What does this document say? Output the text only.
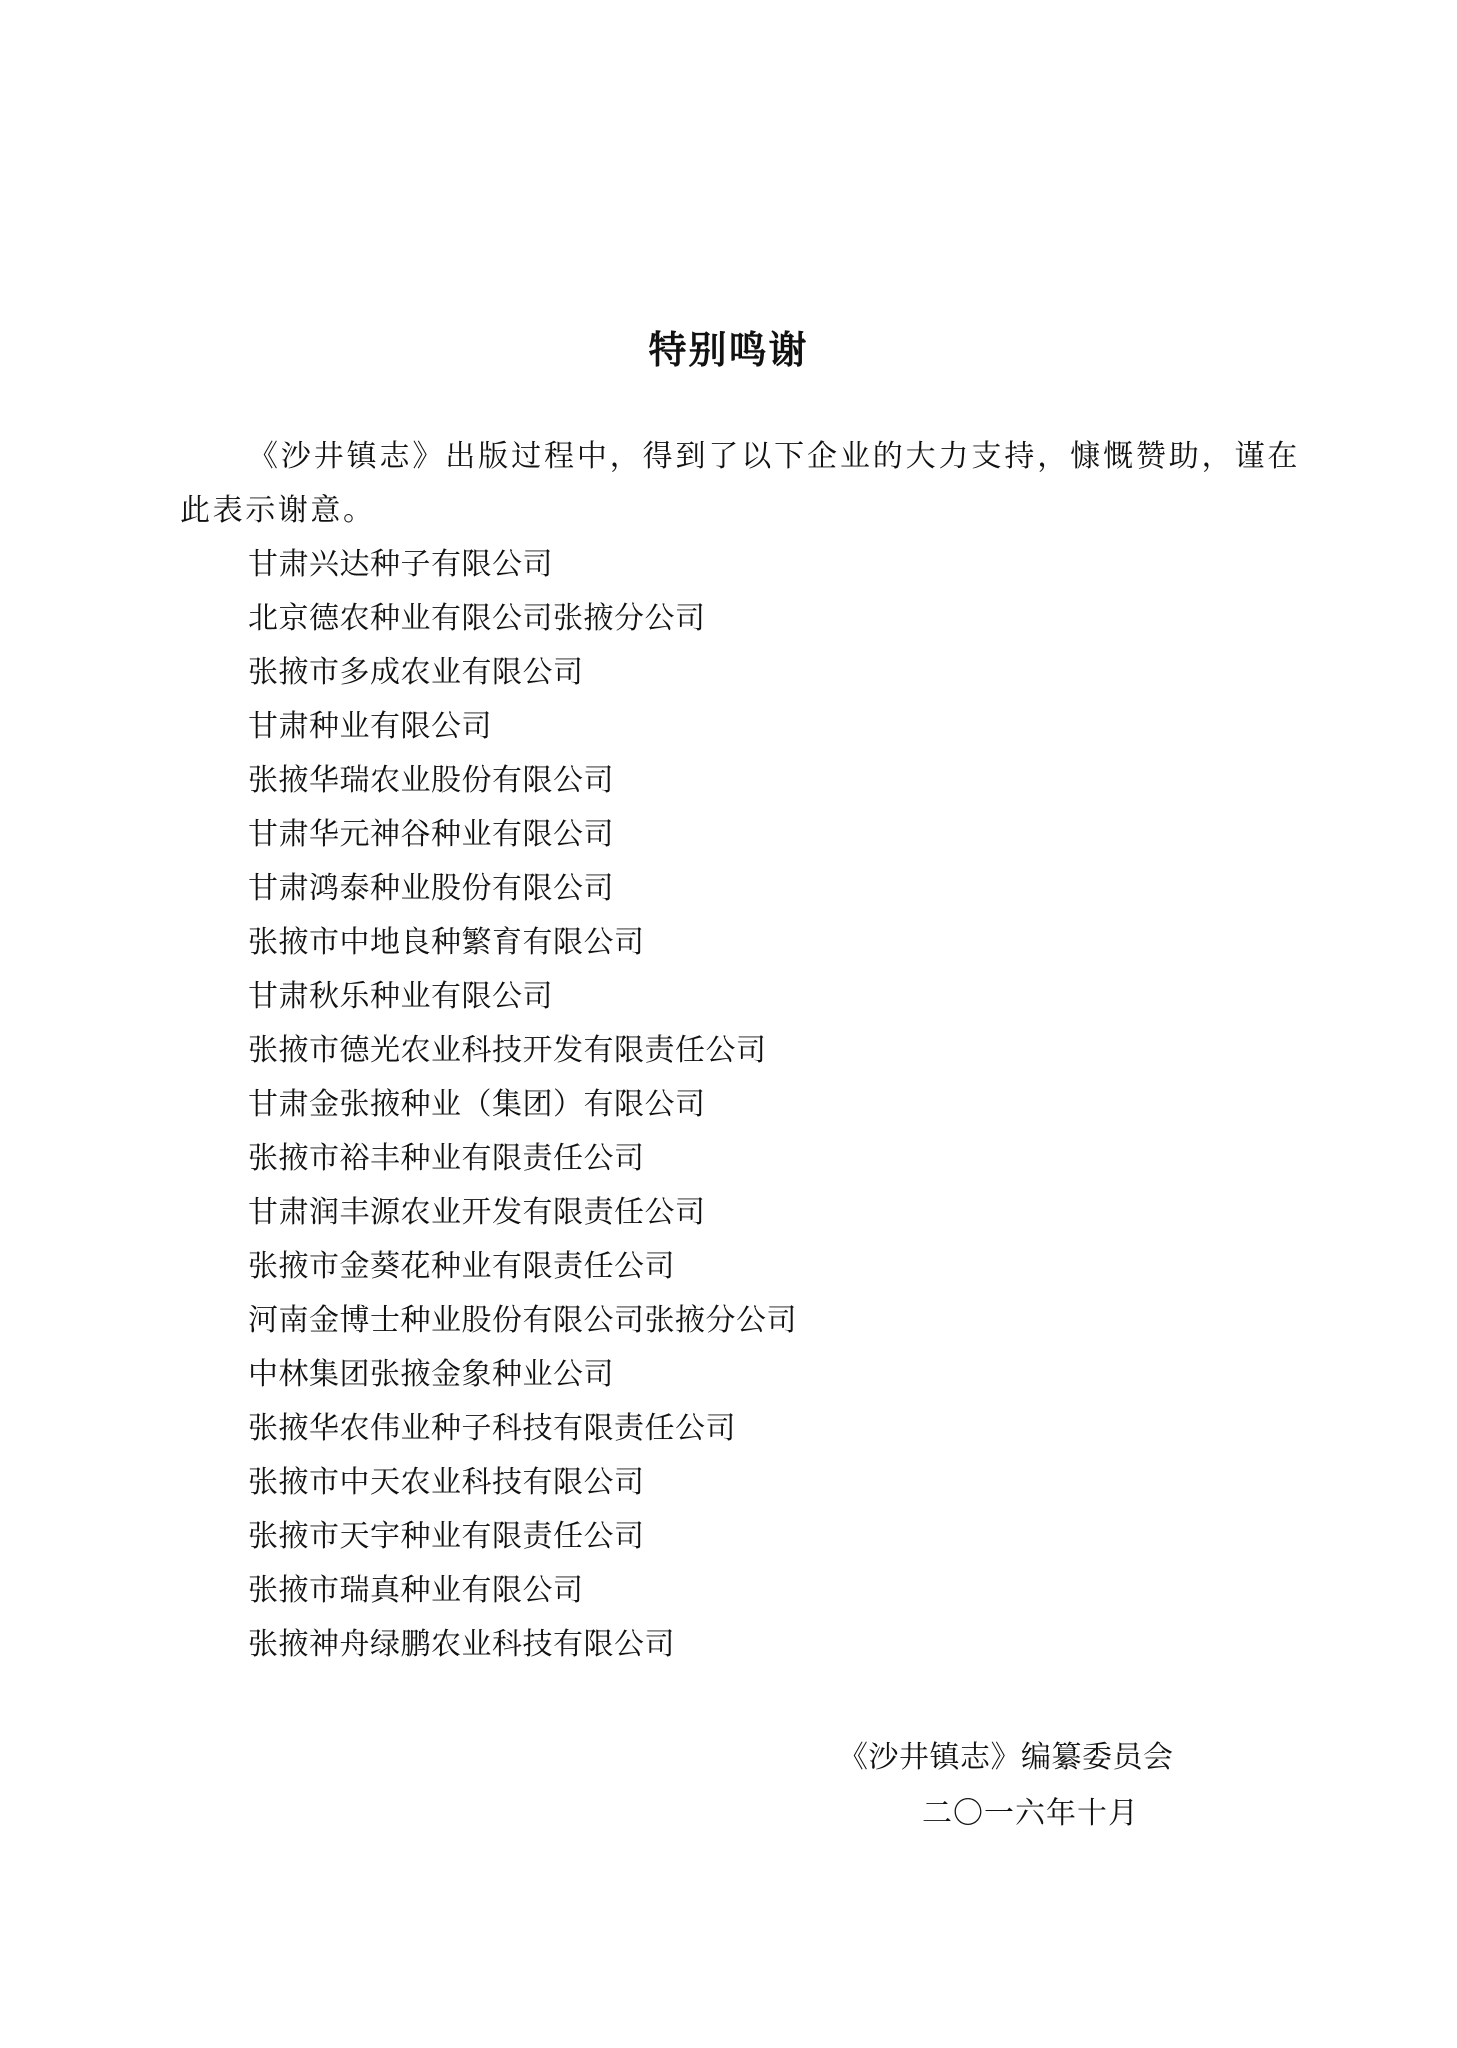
特别鸣谢
《沙井镇志》出版过程中，得到了以下企业的大力支持，慷慨赞助，谨在此表示谢意。
甘肃兴达种子有限公司
北京德农种业有限公司张掖分公司
张掖市多成农业有限公司
甘肃种业有限公司
张掖华瑞农业股份有限公司
甘肃华元神谷种业有限公司
甘肃鸿泰种业股份有限公司
张掖市中地良种繁育有限公司
甘肃秋乐种业有限公司
张掖市德光农业科技开发有限责任公司
甘肃金张掖种业（集团）有限公司
张掖市裕丰种业有限责任公司
甘肃润丰源农业开发有限责任公司
张掖市金葵花种业有限责任公司
河南金博士种业股份有限公司张掖分公司
中林集团张掖金象种业公司
张掖华农伟业种子科技有限责任公司
张掖市中天农业科技有限公司
张掖市天宇种业有限责任公司
张掖市瑞真种业有限公司
张掖神舟绿鹏农业科技有限公司
《沙井镇志》编纂委员会
二〇一六年十月
